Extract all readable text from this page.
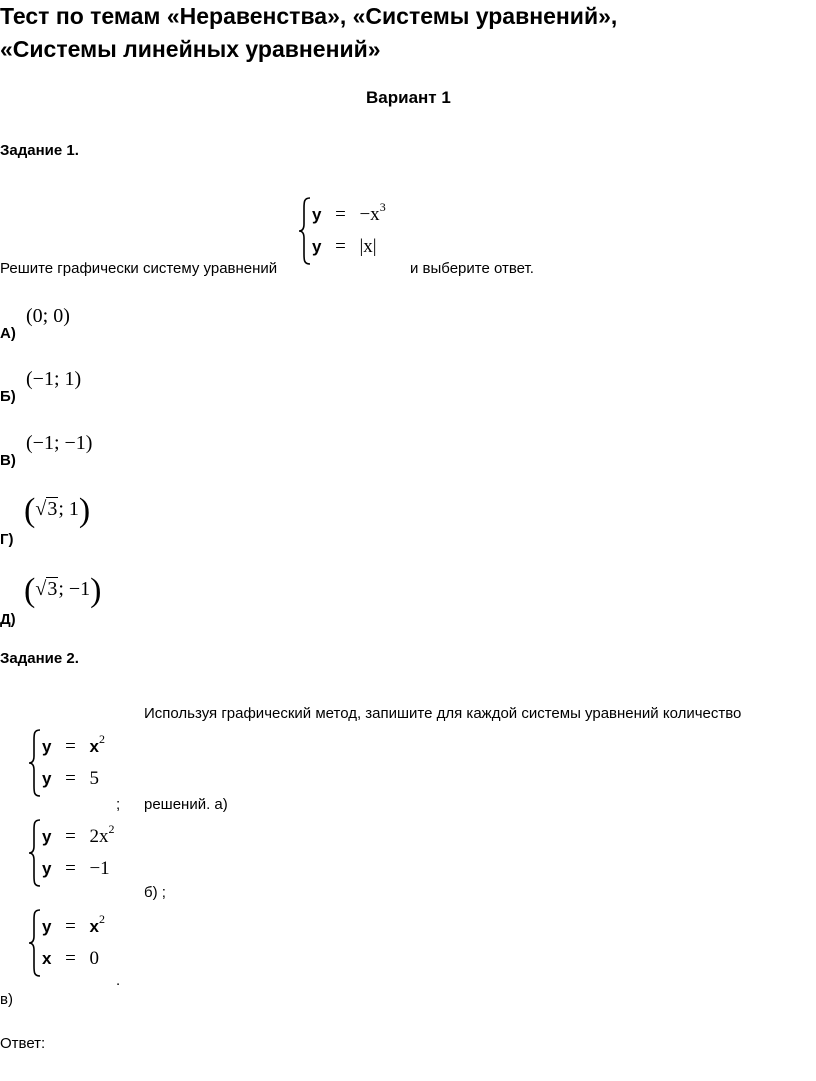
Тест по темам «Неравенства», «Системы уравнений»,
«Системы линейных уравнений»
Вариант 1
Задание 1.
Решите графически систему уравнений
$y = -x^3$
y = |x|
и выберите ответ.
А)
(0; 0)
Б)
(−1; 1)
В)
(−1; −1)
Г)
(√3; 1)
Д)
(√3; −1)
Задание 2.
Используя графический метод, запишите для каждой системы уравнений количество
$y = x^2$
y = 5
; решений. а)
$y = 2x^2$
y = −1
б) ;
$y = x^2$
x = 0
.
в)
Ответ:
